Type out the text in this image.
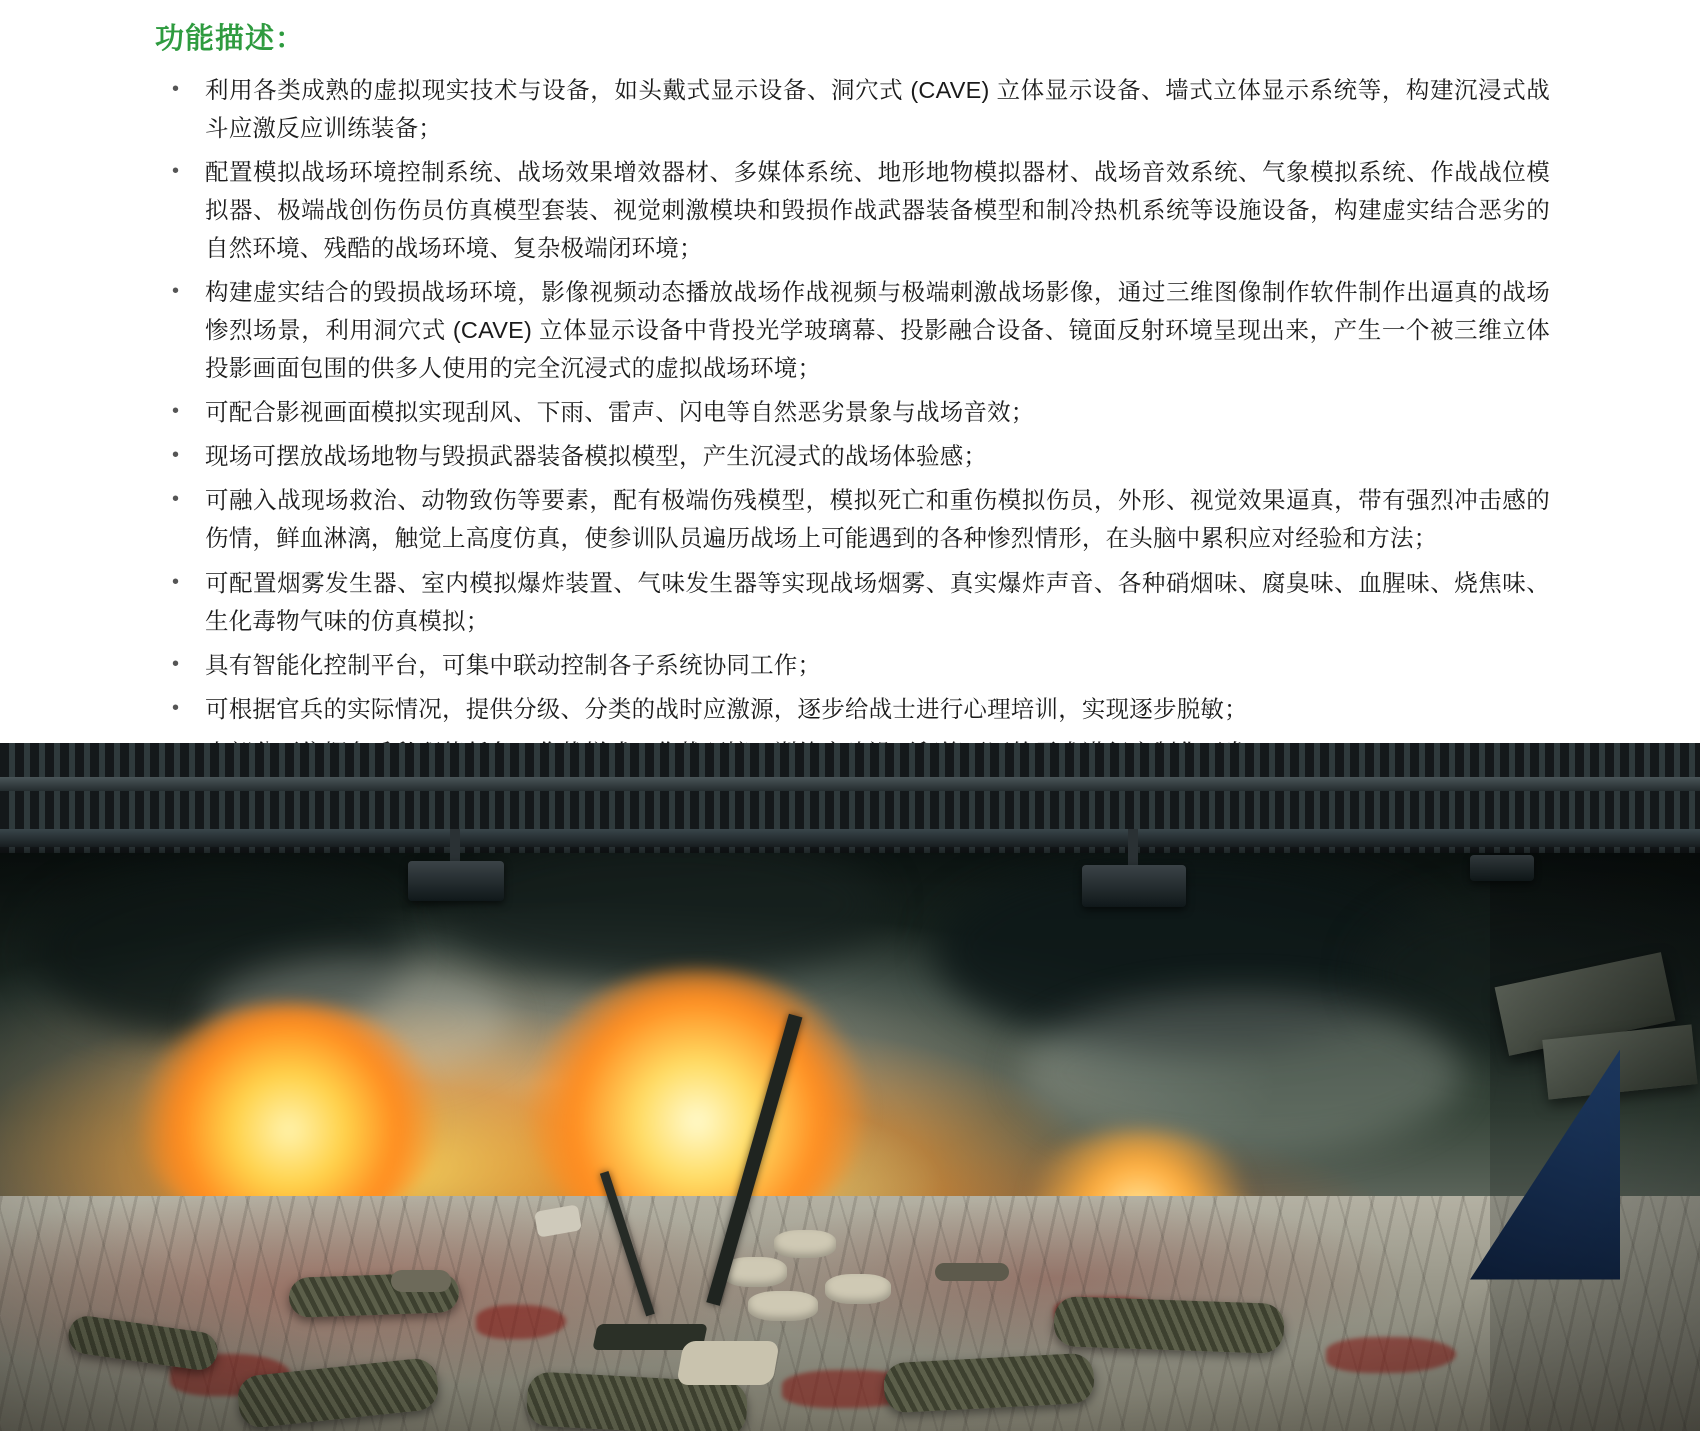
功能描述：
• 利用各类成熟的虚拟现实技术与设备，如头戴式显示设备、洞穴式 (CAVE) 立体显示设备、墙式立体显示系统等，构建沉浸式战斗应激反应训练装备；
• 配置模拟战场环境控制系统、战场效果增效器材、多媒体系统、地形地物模拟器材、战场音效系统、气象模拟系统、作战战位模拟器、极端战创伤伤员仿真模型套装、视觉刺激模块和毁损作战武器装备模型和制冷热机系统等设施设备，构建虚实结合恶劣的自然环境、残酷的战场环境、复杂极端闭环境；
• 构建虚实结合的毁损战场环境，影像视频动态播放战场作战视频与极端刺激战场影像，通过三维图像制作软件制作出逼真的战场惨烈场景，利用洞穴式 (CAVE) 立体显示设备中背投光学玻璃幕、投影融合设备、镜面反射环境呈现出来，产生一个被三维立体投影画面包围的供多人使用的完全沉浸式的虚拟战场环境；
• 可配合影视画面模拟实现刮风、下雨、雷声、闪电等自然恶劣景象与战场音效；
• 现场可摆放战场地物与毁损武器装备模拟模型，产生沉浸式的战场体验感；
• 可融入战现场救治、动物致伤等要素，配有极端伤残模型，模拟死亡和重伤模拟伤员，外形、视觉效果逼真，带有强烈冲击感的伤情，鲜血淋漓，触觉上高度仿真，使参训队员遍历战场上可能遇到的各种惨烈情形，在头脑中累积应对经验和方法；
• 可配置烟雾发生器、室内模拟爆炸装置、气味发生器等实现战场烟雾、真实爆炸声音、各种硝烟味、腐臭味、血腥味、烧焦味、生化毒物气味的仿真模拟；
• 具有智能化控制平台，可集中联动控制各子系统协同工作；
• 可根据官兵的实际情况，提供分级、分类的战时应激源，逐步给战士进行心理培训，实现逐步脱敏；
